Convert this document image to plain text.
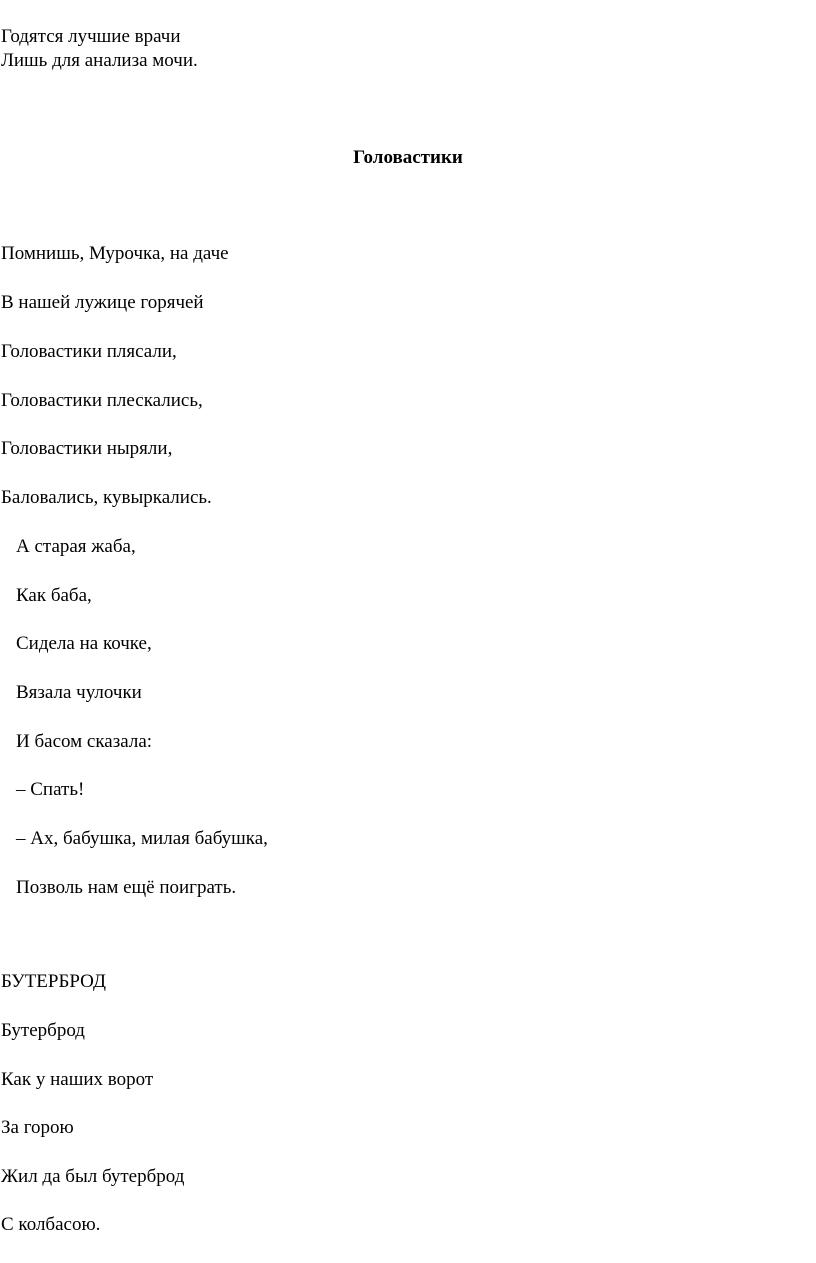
Годятся лучшие врачи
Лишь для анализа мочи.
Головастики
Помнишь, Мурочка, на даче
В нашей лужице горячей
Головастики плясали,
Головастики плескались,
Головастики ныряли,
Баловались, кувыркались.
А старая жаба,
Как баба,
Сидела на кочке,
Вязала чулочки
И басом сказала:
– Спать!
– Ах, бабушка, милая бабушка,
Позволь нам ещё поиграть.
БУТЕРБРОД
Бутерброд
Как у наших ворот
За горою
Жил да был бутерброд
С колбасою.
